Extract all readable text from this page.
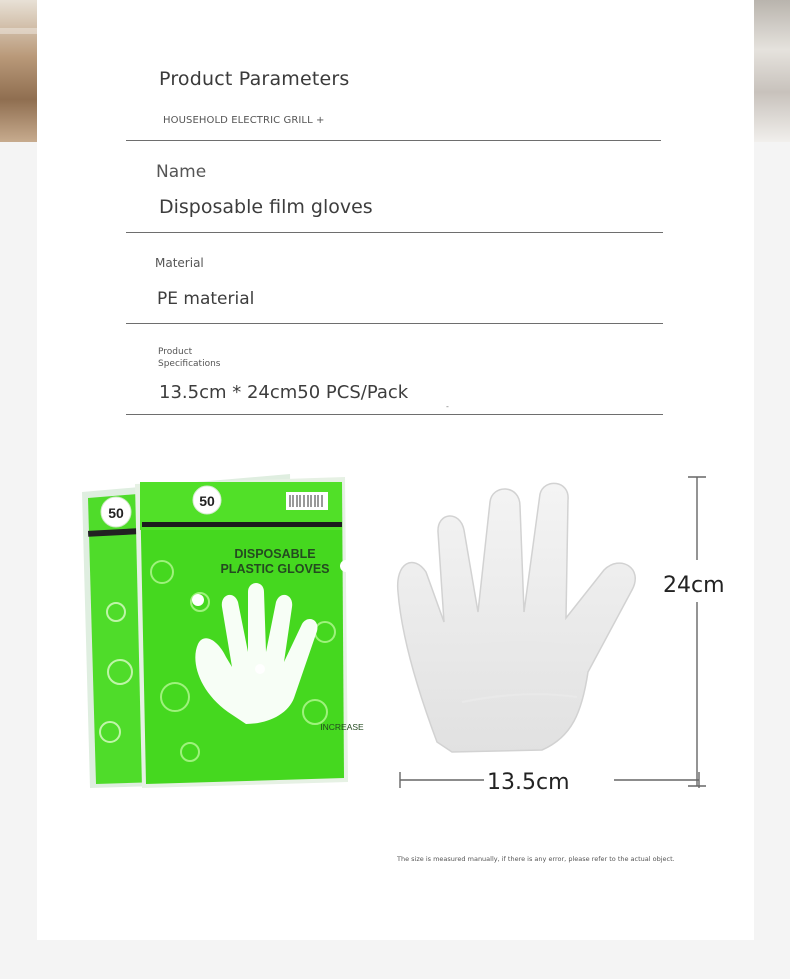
Product Parameters
HOUSEHOLD ELECTRIC GRILL +
Name
Disposable film gloves
Material
PE material
Product
Specifications
13.5cm * 24cm50 PCS/Pack
-
50
50
DISPOSABLE
PLASTIC GLOVES
INCREASE
13.5cm
24cm
The size is measured manually, if there is any error, please refer to the actual object.
